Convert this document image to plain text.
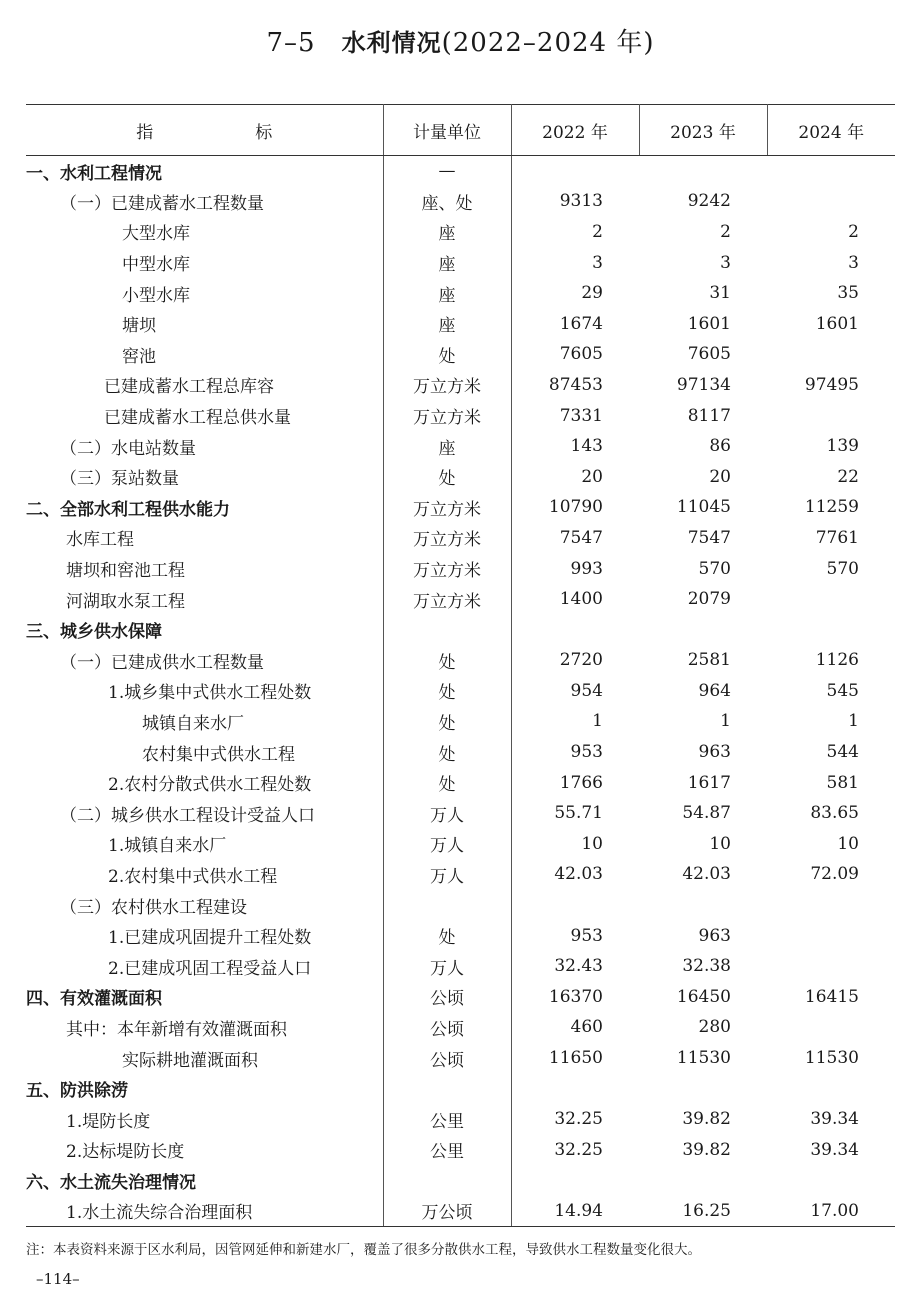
7–5 水利情况(2022–2024 年)
指　　　　　　标	计量单位	2022 年	2023 年	2024 年
一、水利工程情况	—			
（一）已建成蓄水工程数量	座、处	9313	9242	
大型水库	座	2	2	2
中型水库	座	3	3	3
小型水库	座	29	31	35
塘坝	座	1674	1601	1601
窖池	处	7605	7605	
已建成蓄水工程总库容	万立方米	87453	97134	97495
已建成蓄水工程总供水量	万立方米	7331	8117	
（二）水电站数量	座	143	86	139
（三）泵站数量	处	20	20	22
二、全部水利工程供水能力	万立方米	10790	11045	11259
水库工程	万立方米	7547	7547	7761
塘坝和窖池工程	万立方米	993	570	570
河湖取水泵工程	万立方米	1400	2079	
三、城乡供水保障				
（一）已建成供水工程数量	处	2720	2581	1126
1.城乡集中式供水工程处数	处	954	964	545
城镇自来水厂	处	1	1	1
农村集中式供水工程	处	953	963	544
2.农村分散式供水工程处数	处	1766	1617	581
（二）城乡供水工程设计受益人口	万人	55.71	54.87	83.65
1.城镇自来水厂	万人	10	10	10
2.农村集中式供水工程	万人	42.03	42.03	72.09
（三）农村供水工程建设				
1.已建成巩固提升工程处数	处	953	963	
2.已建成巩固工程受益人口	万人	32.43	32.38	
四、有效灌溉面积	公顷	16370	16450	16415
其中：本年新增有效灌溉面积	公顷	460	280	
实际耕地灌溉面积	公顷	11650	11530	11530
五、防洪除涝				
1.堤防长度	公里	32.25	39.82	39.34
2.达标堤防长度	公里	32.25	39.82	39.34
六、水土流失治理情况				
1.水土流失综合治理面积	万公顷	14.94	16.25	17.00
注：本表资料来源于区水利局，因管网延伸和新建水厂，覆盖了很多分散供水工程，导致供水工程数量变化很大。
–114–
